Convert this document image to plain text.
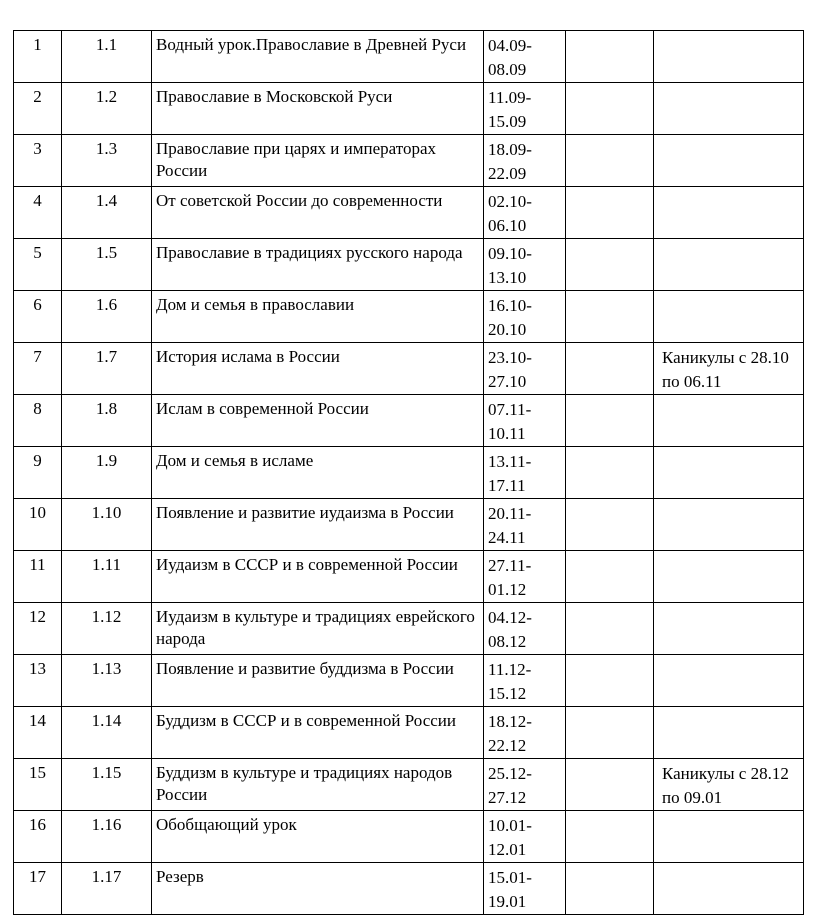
1	1.1	Водный урок.Православие в Древней Руси	04.09-
08.09		

2	1.2	Православие в Московской Руси	11.09-
15.09		

3	1.3	Православие при царях и императорах России	18.09-
22.09		

4	1.4	От советской России до современности	02.10-
06.10		

5	1.5	Православие в традициях русского народа	09.10-
13.10		

6	1.6	Дом и семья в православии	16.10-
20.10		

7	1.7	История ислама в России	23.10-
27.10		Каникулы с 28.10 по 06.11
8	1.8	Ислам в современной России	07.11-
10.11		

9	1.9	Дом и семья в исламе	13.11-
17.11		

10	1.10	Появление и развитие иудаизма в России	20.11-
24.11		

11	1.11	Иудаизм в СССР и в современной России	27.11-
01.12		

12	1.12	Иудаизм в культуре и традициях еврейского народа	04.12-
08.12		

13	1.13	Появление и развитие буддизма в России	11.12-
15.12		

14	1.14	Буддизм в СССР и в современной России	18.12-
22.12		

15	1.15	Буддизм в культуре и традициях народов России	25.12-
27.12		Каникулы с 28.12 по 09.01
16	1.16	Обобщающий урок	10.01-
12.01		

17	1.17	Резерв	15.01-
19.01		
